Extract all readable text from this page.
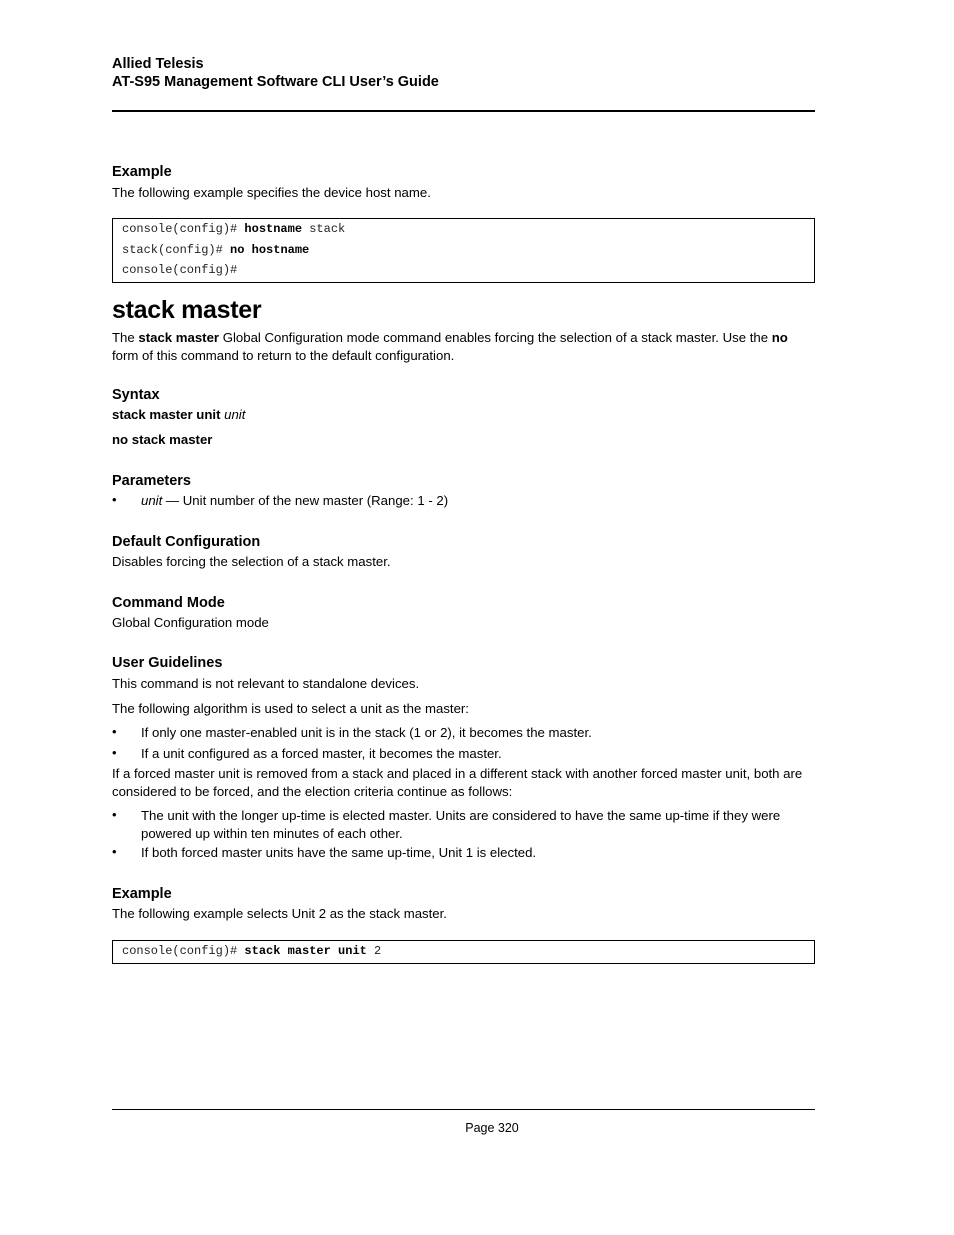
Allied Telesis
AT-S95 Management Software CLI User’s Guide
Example
The following example specifies the device host name.
console(config)# hostname stack
stack(config)# no hostname
console(config)#
stack master
The stack master Global Configuration mode command enables forcing the selection of a stack master. Use the no form of this command to return to the default configuration.
Syntax
stack master unit unit
no stack master
Parameters
• unit — Unit number of the new master (Range: 1 - 2)
Default Configuration
Disables forcing the selection of a stack master.
Command Mode
Global Configuration mode
User Guidelines
This command is not relevant to standalone devices.
The following algorithm is used to select a unit as the master:
• If only one master-enabled unit is in the stack (1 or 2), it becomes the master.
• If a unit configured as a forced master, it becomes the master.
If a forced master unit is removed from a stack and placed in a different stack with another forced master unit, both are considered to be forced, and the election criteria continue as follows:
• The unit with the longer up-time is elected master. Units are considered to have the same up-time if they were powered up within ten minutes of each other.
• If both forced master units have the same up-time, Unit 1 is elected.
Example
The following example selects Unit 2 as the stack master.
console(config)# stack master unit 2
Page 320
